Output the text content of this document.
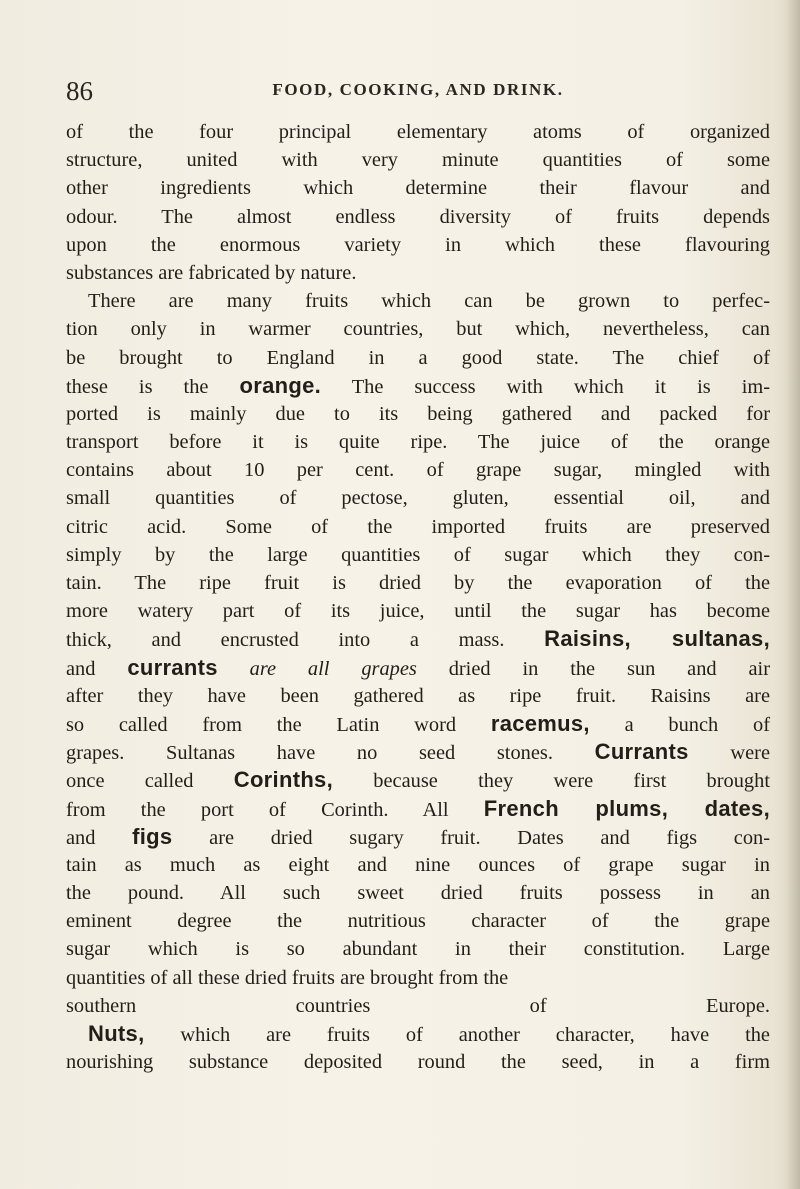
86	FOOD, COOKING, AND DRINK.
of the four principal elementary atoms of organized
structure, united with very minute quantities of some
other ingredients which determine their flavour and
odour. The almost endless diversity of fruits depends
upon the enormous variety in which these flavouring
substances are fabricated by nature.
There are many fruits which can be grown to perfec-
tion only in warmer countries, but which, nevertheless, can
be brought to England in a good state. The chief of
these is the orange. The success with which it is im-
ported is mainly due to its being gathered and packed for
transport before it is quite ripe. The juice of the orange
contains about 10 per cent. of grape sugar, mingled with
small quantities of pectose, gluten, essential oil, and
citric acid. Some of the imported fruits are preserved
simply by the large quantities of sugar which they con-
tain. The ripe fruit is dried by the evaporation of the
more watery part of its juice, until the sugar has become
thick, and encrusted into a mass. Raisins, sultanas,
and currants are all grapes dried in the sun and air
after they have been gathered as ripe fruit. Raisins are
so called from the Latin word racemus, a bunch of
grapes. Sultanas have no seed stones. Currants were
once called Corinths, because they were first brought
from the port of Corinth. All French plums, dates,
and figs are dried sugary fruit. Dates and figs con-
tain as much as eight and nine ounces of grape sugar in
the pound. All such sweet dried fruits possess in an
eminent degree the nutritious character of the grape
sugar which is so abundant in their constitution. Large
quantities of all these dried fruits are brought from the
southern countries of Europe.
Nuts, which are fruits of another character, have the
nourishing substance deposited round the seed, in a firm
